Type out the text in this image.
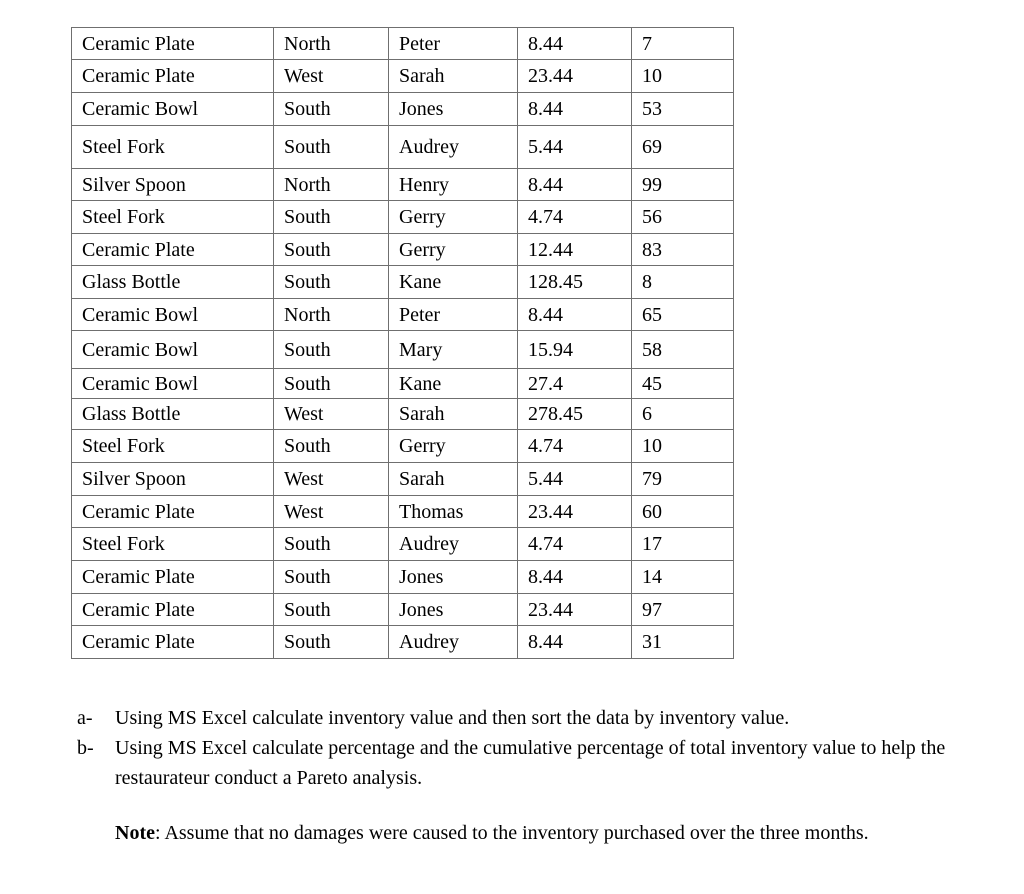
Ceramic Plate	North	Peter	8.44	7
Ceramic Plate	West	Sarah	23.44	10
Ceramic Bowl	South	Jones	8.44	53
Steel Fork	South	Audrey	5.44	69
Silver Spoon	North	Henry	8.44	99
Steel Fork	South	Gerry	4.74	56
Ceramic Plate	South	Gerry	12.44	83
Glass Bottle	South	Kane	128.45	8
Ceramic Bowl	North	Peter	8.44	65
Ceramic Bowl	South	Mary	15.94	58
Ceramic Bowl	South	Kane	27.4	45
Glass Bottle	West	Sarah	278.45	6
Steel Fork	South	Gerry	4.74	10
Silver Spoon	West	Sarah	5.44	79
Ceramic Plate	West	Thomas	23.44	60
Steel Fork	South	Audrey	4.74	17
Ceramic Plate	South	Jones	8.44	14
Ceramic Plate	South	Jones	23.44	97
Ceramic Plate	South	Audrey	8.44	31
a-	Using MS Excel calculate inventory value and then sort the data by inventory value.
b-	Using MS Excel calculate percentage and the cumulative percentage of total inventory value to help the restaurateur conduct a Pareto analysis.
Note: Assume that no damages were caused to the inventory purchased over the three months.
